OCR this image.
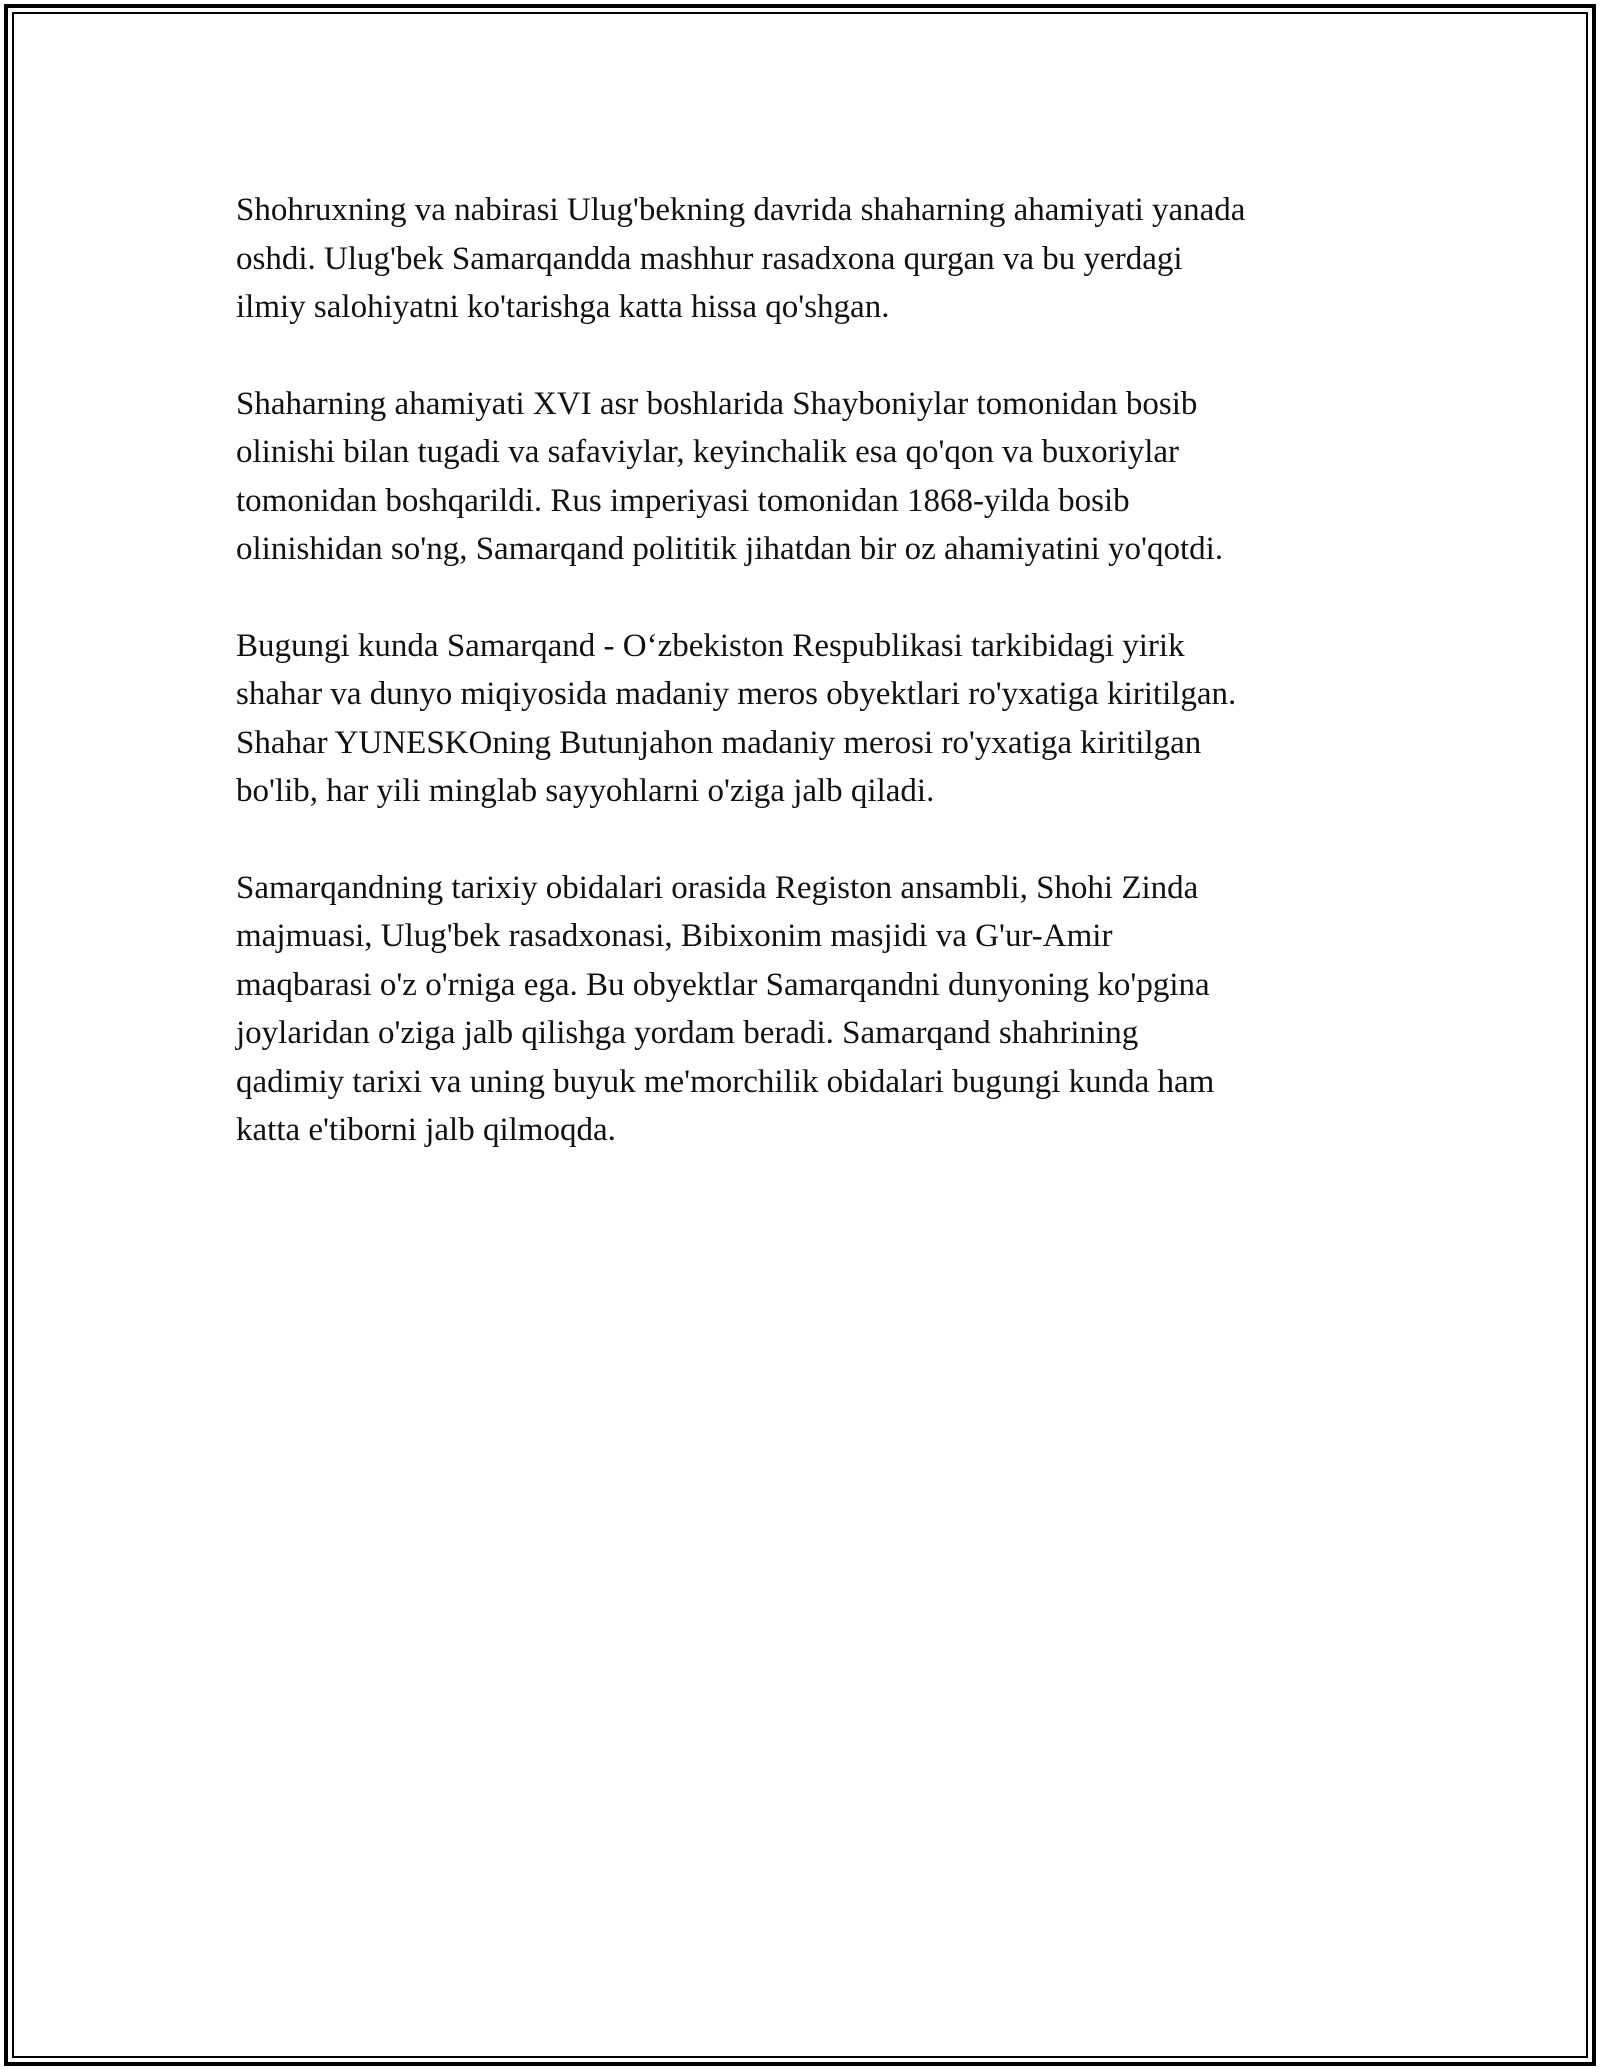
Shohruxning va nabirasi Ulug'bekning davrida shaharning ahamiyati yanada
oshdi. Ulug'bek Samarqandda mashhur rasadxona qurgan va bu yerdagi
ilmiy salohiyatni ko'tarishga katta hissa qo'shgan.

Shaharning ahamiyati XVI asr boshlarida Shayboniylar tomonidan bosib
olinishi bilan tugadi va safaviylar, keyinchalik esa qo'qon va buxoriylar
tomonidan boshqarildi. Rus imperiyasi tomonidan 1868-yilda bosib
olinishidan so'ng, Samarqand polititik jihatdan bir oz ahamiyatini yo'qotdi.

Bugungi kunda Samarqand - O‘zbekiston Respublikasi tarkibidagi yirik
shahar va dunyo miqiyosida madaniy meros obyektlari ro'yxatiga kiritilgan.
Shahar YUNESKOning Butunjahon madaniy merosi ro'yxatiga kiritilgan
bo'lib, har yili minglab sayyohlarni o'ziga jalb qiladi.

Samarqandning tarixiy obidalari orasida Registon ansambli, Shohi Zinda
majmuasi, Ulug'bek rasadxonasi, Bibixonim masjidi va G'ur-Amir
maqbarasi o'z o'rniga ega. Bu obyektlar Samarqandni dunyoning ko'pgina
joylaridan o'ziga jalb qilishga yordam beradi. Samarqand shahrining
qadimiy tarixi va uning buyuk me'morchilik obidalari bugungi kunda ham
katta e'tiborni jalb qilmoqda.
